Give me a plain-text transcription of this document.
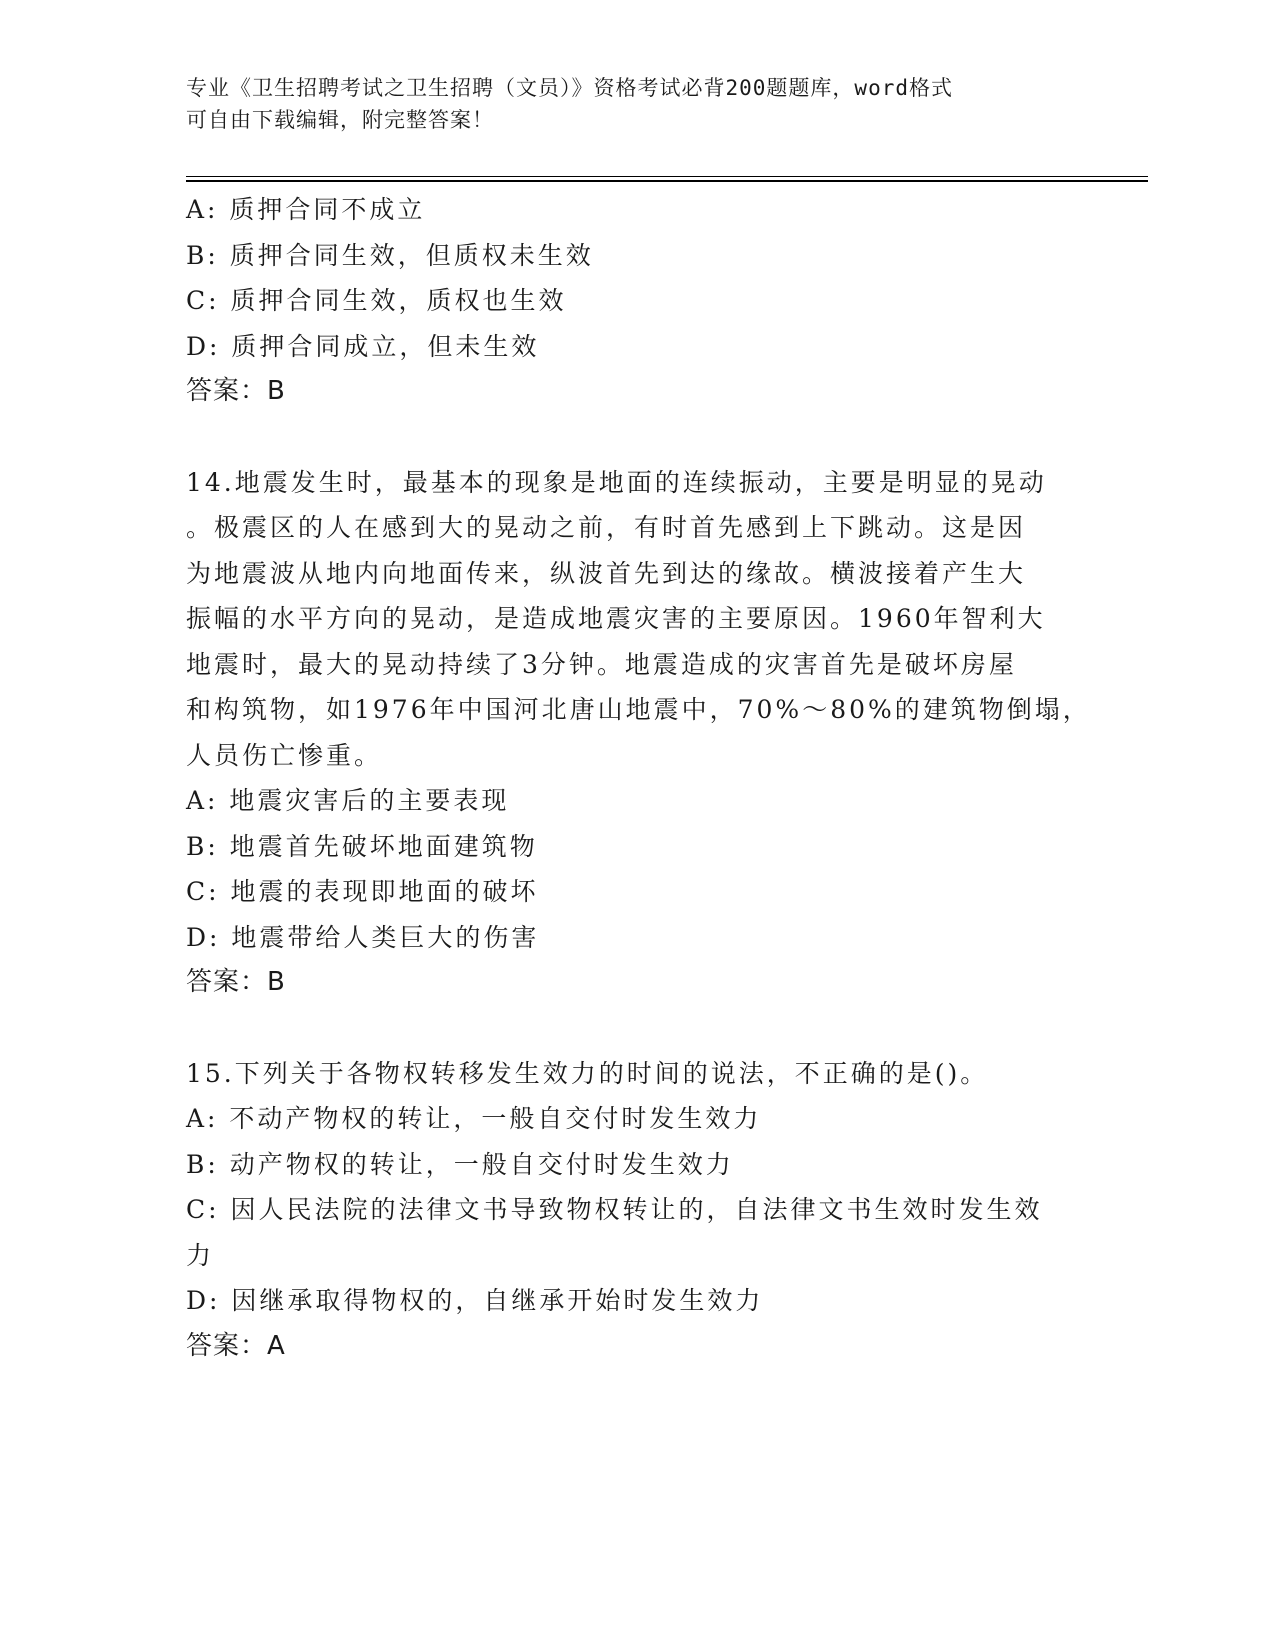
专业《卫生招聘考试之卫生招聘（文员）》资格考试必背200题题库，word格式
可自由下载编辑，附完整答案！
A: 质押合同不成立
B: 质押合同生效，但质权未生效
C: 质押合同生效，质权也生效
D: 质押合同成立，但未生效
答案：B
14.地震发生时，最基本的现象是地面的连续振动，主要是明显的晃动
。极震区的人在感到大的晃动之前，有时首先感到上下跳动。这是因
为地震波从地内向地面传来，纵波首先到达的缘故。横波接着产生大
振幅的水平方向的晃动，是造成地震灾害的主要原因。1960年智利大
地震时，最大的晃动持续了3分钟。地震造成的灾害首先是破坏房屋
和构筑物，如1976年中国河北唐山地震中，70%～80%的建筑物倒塌，
人员伤亡惨重。
A: 地震灾害后的主要表现
B: 地震首先破坏地面建筑物
C: 地震的表现即地面的破坏
D: 地震带给人类巨大的伤害
答案：B
15.下列关于各物权转移发生效力的时间的说法，不正确的是()。
A: 不动产物权的转让，一般自交付时发生效力
B: 动产物权的转让，一般自交付时发生效力
C: 因人民法院的法律文书导致物权转让的，自法律文书生效时发生效
力
D: 因继承取得物权的，自继承开始时发生效力
答案：A
